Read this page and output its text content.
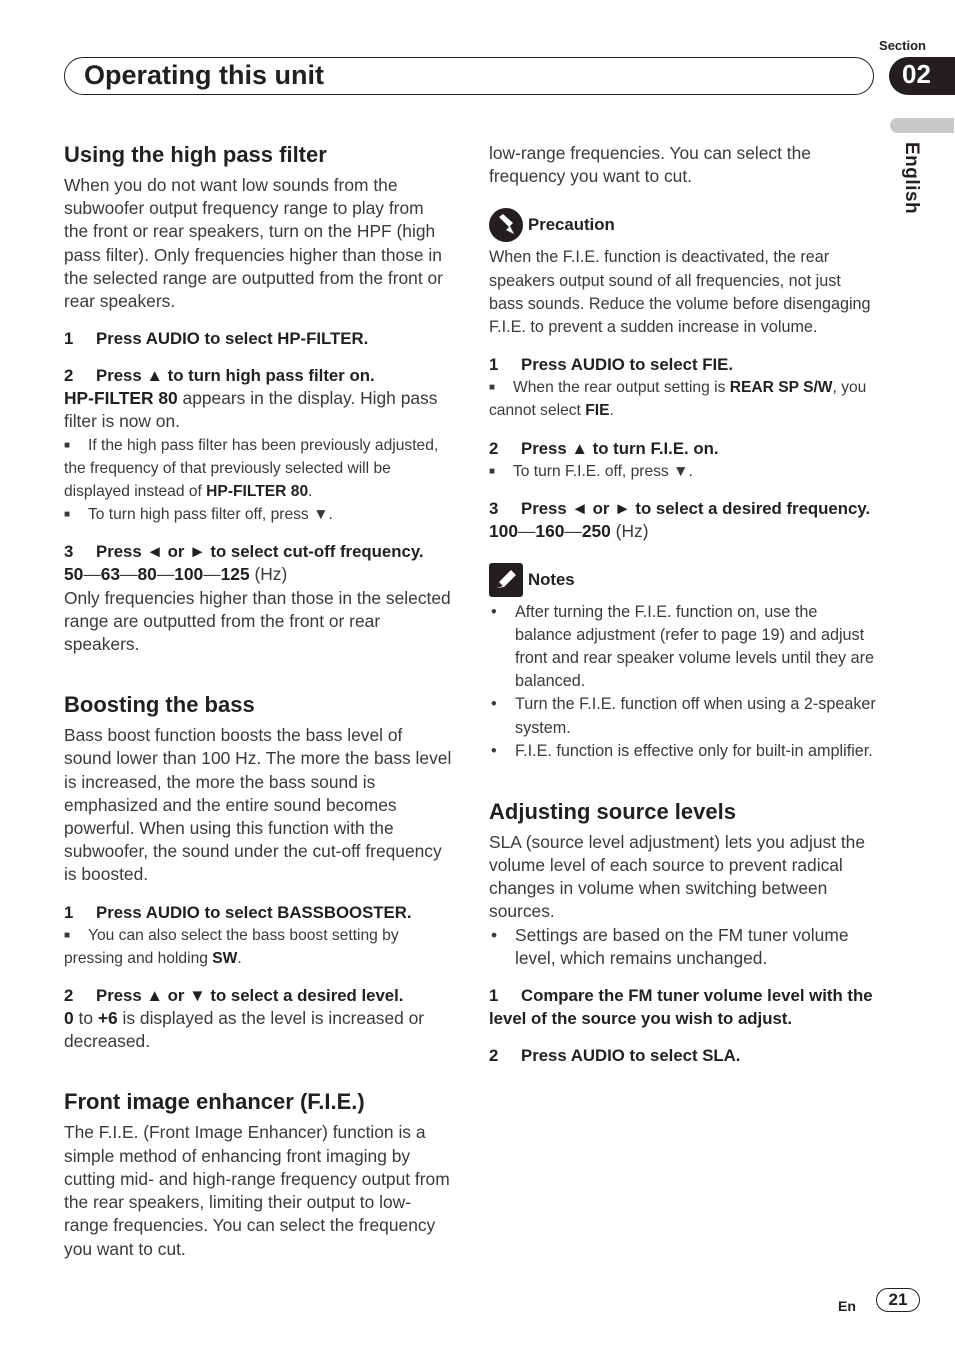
Section
Operating this unit	02
English
Using the high pass filter

When you do not want low sounds from the subwoofer output frequency range to play from the front or rear speakers, turn on the HPF (high pass filter). Only frequencies higher than those in the selected range are outputted from the front or rear speakers.

1 Press AUDIO to select HP-FILTER.

2 Press ▲ to turn high pass filter on.

HP-FILTER 80 appears in the display. High pass filter is now on.

■ If the high pass filter has been previously adjusted, the frequency of that previously selected will be displayed instead of HP-FILTER 80.

■ To turn high pass filter off, press ▼.

3 Press ◄ or ► to select cut-off frequency.

50—63—80—100—125 (Hz)

Only frequencies higher than those in the selected range are outputted from the front or rear speakers.

Boosting the bass

Bass boost function boosts the bass level of sound lower than 100 Hz. The more the bass level is increased, the more the bass sound is emphasized and the entire sound becomes powerful. When using this function with the subwoofer, the sound under the cut-off frequency is boosted.

1 Press AUDIO to select BASSBOOSTER.

■ You can also select the bass boost setting by pressing and holding SW.

2 Press ▲ or ▼ to select a desired level.

0 to +6 is displayed as the level is increased or decreased.

Front image enhancer (F.I.E.)

The F.I.E. (Front Image Enhancer) function is a simple method of enhancing front imaging by cutting mid- and high-range frequency output from the rear speakers, limiting their output to low-range frequencies. You can select the frequency you want to cut.

low-range frequencies. You can select the frequency you want to cut.

Precaution

When the F.I.E. function is deactivated, the rear speakers output sound of all frequencies, not just bass sounds. Reduce the volume before disengaging F.I.E. to prevent a sudden increase in volume.

1 Press AUDIO to select FIE.

■ When the rear output setting is REAR SP S/W, you cannot select FIE.

2 Press ▲ to turn F.I.E. on.

■ To turn F.I.E. off, press ▼.

3 Press ◄ or ► to select a desired frequency.

100—160—250 (Hz)

Notes
• After turning the F.I.E. function on, use the balance adjustment (refer to page 19) and adjust front and rear speaker volume levels until they are balanced.
• Turn the F.I.E. function off when using a 2-speaker system.
• F.I.E. function is effective only for built-in amplifier.
Adjusting source levels

SLA (source level adjustment) lets you adjust the volume level of each source to prevent radical changes in volume when switching between sources.

• Settings are based on the FM tuner volume level, which remains unchanged.

1 Compare the FM tuner volume level with the level of the source you wish to adjust.

2 Press AUDIO to select SLA.

En	21
